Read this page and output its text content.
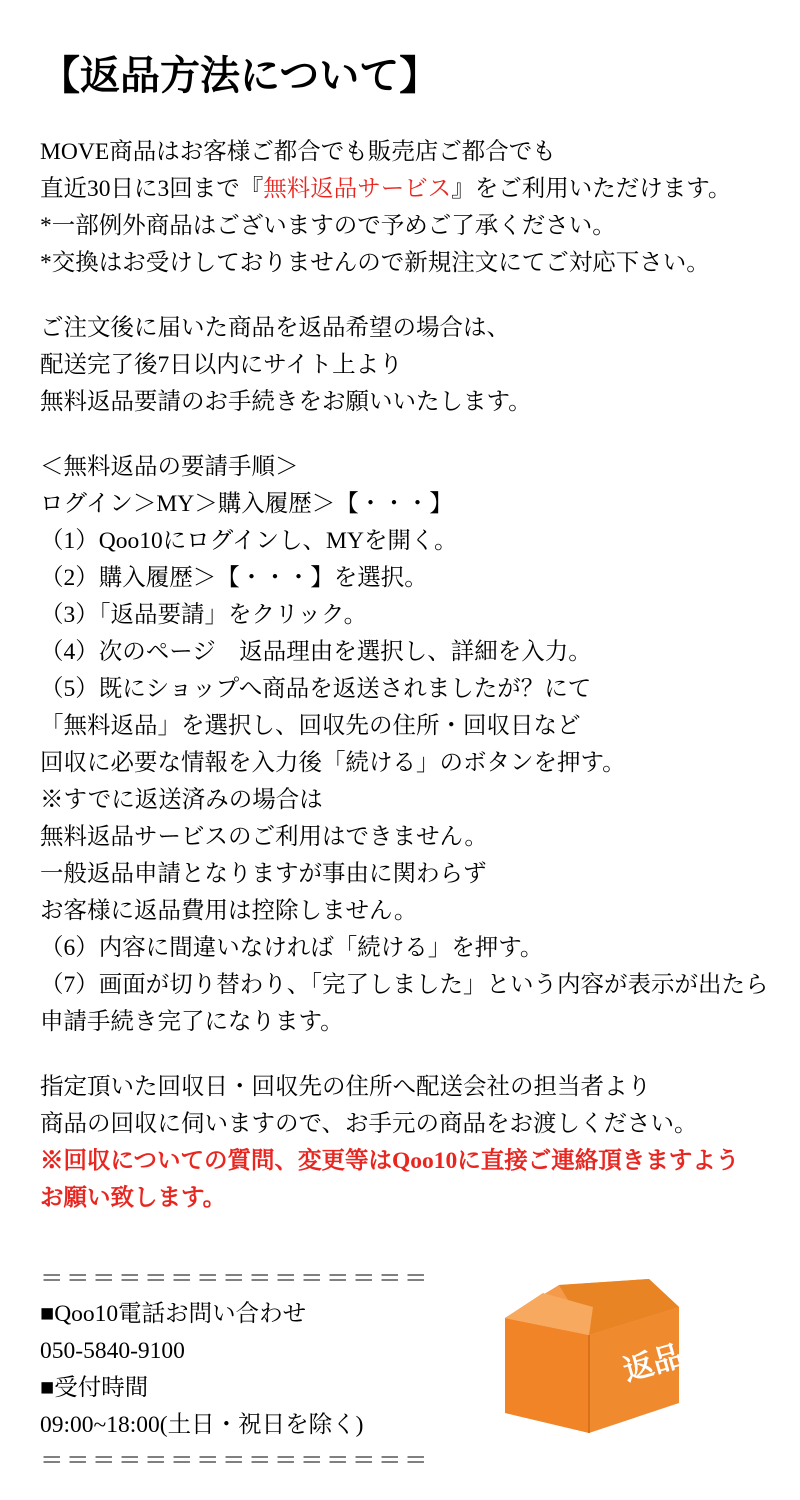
【返品方法について】
MOVE商品はお客様ご都合でも販売店ご都合でも
直近30日に3回まで『無料返品サービス』をご利用いただけます。
*一部例外商品はございますので予めご了承ください。
*交換はお受けしておりませんので新規注文にてご対応下さい。
ご注文後に届いた商品を返品希望の場合は、
配送完了後7日以内にサイト上より
無料返品要請のお手続きをお願いいたします。
＜無料返品の要請手順＞
ログイン＞MY＞購入履歴＞【・・・】
（1）Qoo10にログインし、MYを開く。
（2）購入履歴＞【・・・】を選択。
（3）「返品要請」をクリック。
（4）次のページ　返品理由を選択し、詳細を入力。
（5）既にショップへ商品を返送されましたが？にて
「無料返品」を選択し、回収先の住所・回収日など
回収に必要な情報を入力後「続ける」のボタンを押す。
※すでに返送済みの場合は
無料返品サービスのご利用はできません。
一般返品申請となりますが事由に関わらず
お客様に返品費用は控除しません。
（6）内容に間違いなければ「続ける」を押す。
（7）画面が切り替わり、「完了しました」という内容が表示が出たら
申請手続き完了になります。
指定頂いた回収日・回収先の住所へ配送会社の担当者より
商品の回収に伺いますので、お手元の商品をお渡しください。
※回収についての質問、変更等はQoo10に直接ご連絡頂きますよう
お願い致します。
＝＝＝＝＝＝＝＝＝＝＝＝＝＝＝
■Qoo10電話お問い合わせ
050-5840-9100
■受付時間
09:00~18:00(土日・祝日を除く)
＝＝＝＝＝＝＝＝＝＝＝＝＝＝＝
返品
